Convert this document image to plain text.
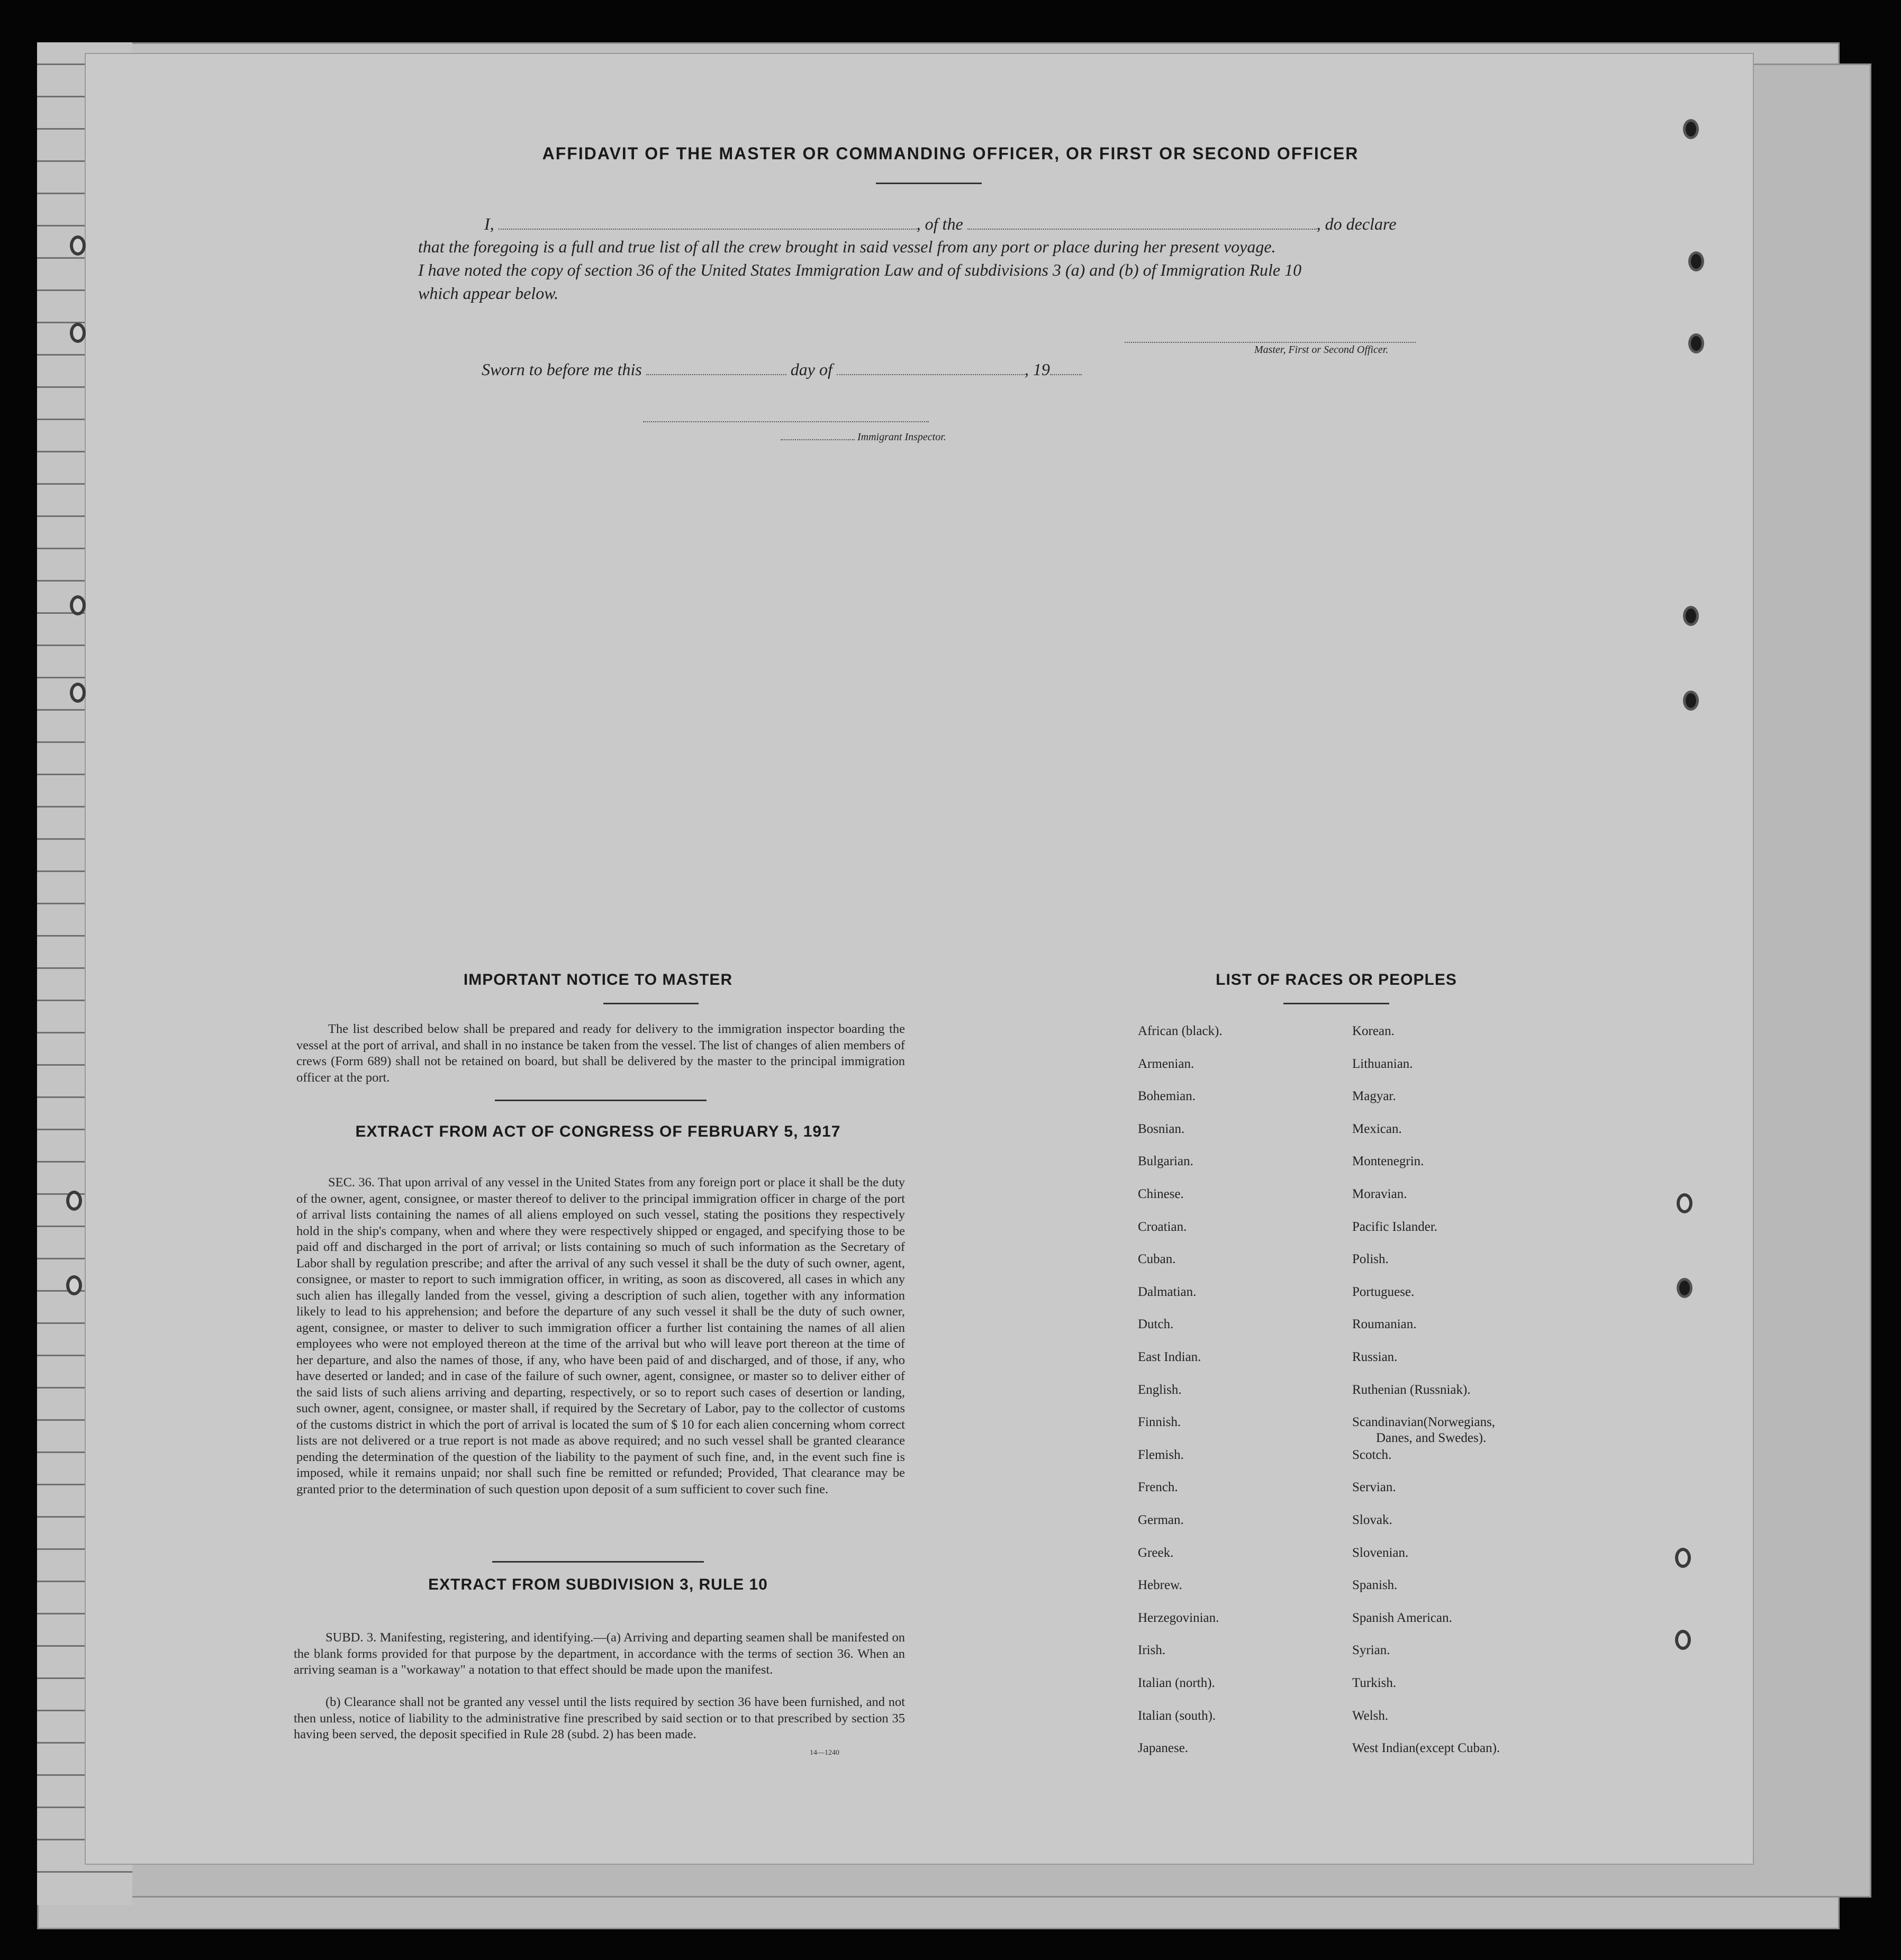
AFFIDAVIT OF THE MASTER OR COMMANDING OFFICER, OR FIRST OR SECOND OFFICER
I,	, of the	, do declare
that the foregoing is a full and true list of all the crew brought in said vessel from any port or place during her present voyage.
I have noted the copy of section 36 of the United States Immigration Law and of subdivisions 3 (a) and (b) of Immigration Rule 10
which appear below.
Master, First or Second Officer.
Sworn to before me this	day of	, 19
Immigrant Inspector.
IMPORTANT NOTICE TO MASTER
The list described below shall be prepared and ready for delivery to the immigration inspector boarding the vessel at the port of arrival, and shall in no instance be taken from the vessel. The list of changes of alien members of crews (Form 689) shall not be retained on board, but shall be delivered by the master to the principal immigration officer at the port.
EXTRACT FROM ACT OF CONGRESS OF FEBRUARY 5, 1917
SEC. 36. That upon arrival of any vessel in the United States from any foreign port or place it shall be the duty of the owner, agent, consignee, or master thereof to deliver to the principal immigration officer in charge of the port of arrival lists containing the names of all aliens employed on such vessel, stating the positions they respectively hold in the ship's company, when and where they were respectively shipped or engaged, and specifying those to be paid off and discharged in the port of arrival; or lists containing so much of such information as the Secretary of Labor shall by regulation prescribe; and after the arrival of any such vessel it shall be the duty of such owner, agent, consignee, or master to report to such immigration officer, in writing, as soon as discovered, all cases in which any such alien has illegally landed from the vessel, giving a description of such alien, together with any information likely to lead to his apprehension; and before the departure of any such vessel it shall be the duty of such owner, agent, consignee, or master to deliver to such immigration officer a further list containing the names of all alien employees who were not employed thereon at the time of the arrival but who will leave port thereon at the time of her departure, and also the names of those, if any, who have been paid of and discharged, and of those, if any, who have deserted or landed; and in case of the failure of such owner, agent, consignee, or master so to deliver either of the said lists of such aliens arriving and departing, respectively, or so to report such cases of desertion or landing, such owner, agent, consignee, or master shall, if required by the Secretary of Labor, pay to the collector of customs of the customs district in which the port of arrival is located the sum of $ 10 for each alien concerning whom correct lists are not delivered or a true report is not made as above required; and no such vessel shall be granted clearance pending the determination of the question of the liability to the payment of such fine, and, in the event such fine is imposed, while it remains unpaid; nor shall such fine be remitted or refunded; Provided, That clearance may be granted prior to the determination of such question upon deposit of a sum sufficient to cover such fine.
EXTRACT FROM SUBDIVISION 3, RULE 10
SUBD. 3. Manifesting, registering, and identifying.—(a) Arriving and departing seamen shall be manifested on the blank forms provided for that purpose by the department, in accordance with the terms of section 36. When an arriving seaman is a "workaway" a notation to that effect should be made upon the manifest.
(b) Clearance shall not be granted any vessel until the lists required by section 36 have been furnished, and not then unless, notice of liability to the administrative fine prescribed by said section or to that prescribed by section 35 having been served, the deposit specified in Rule 28 (subd. 2) has been made.
14—1240
LIST OF RACES OR PEOPLES
African (black).
Armenian.
Bohemian.
Bosnian.
Bulgarian.
Chinese.
Croatian.
Cuban.
Dalmatian.
Dutch.
East Indian.
English.
Finnish.
Flemish.
French.
German.
Greek.
Hebrew.
Herzegovinian.
Irish.
Italian (north).
Italian (south).
Japanese.
Korean.
Lithuanian.
Magyar.
Mexican.
Montenegrin.
Moravian.
Pacific Islander.
Polish.
Portuguese.
Roumanian.
Russian.
Ruthenian (Russniak).
Scandinavian(Norwegians,
Danes, and Swedes).
Scotch.
Servian.
Slovak.
Slovenian.
Spanish.
Spanish American.
Syrian.
Turkish.
Welsh.
West Indian(except Cuban).
